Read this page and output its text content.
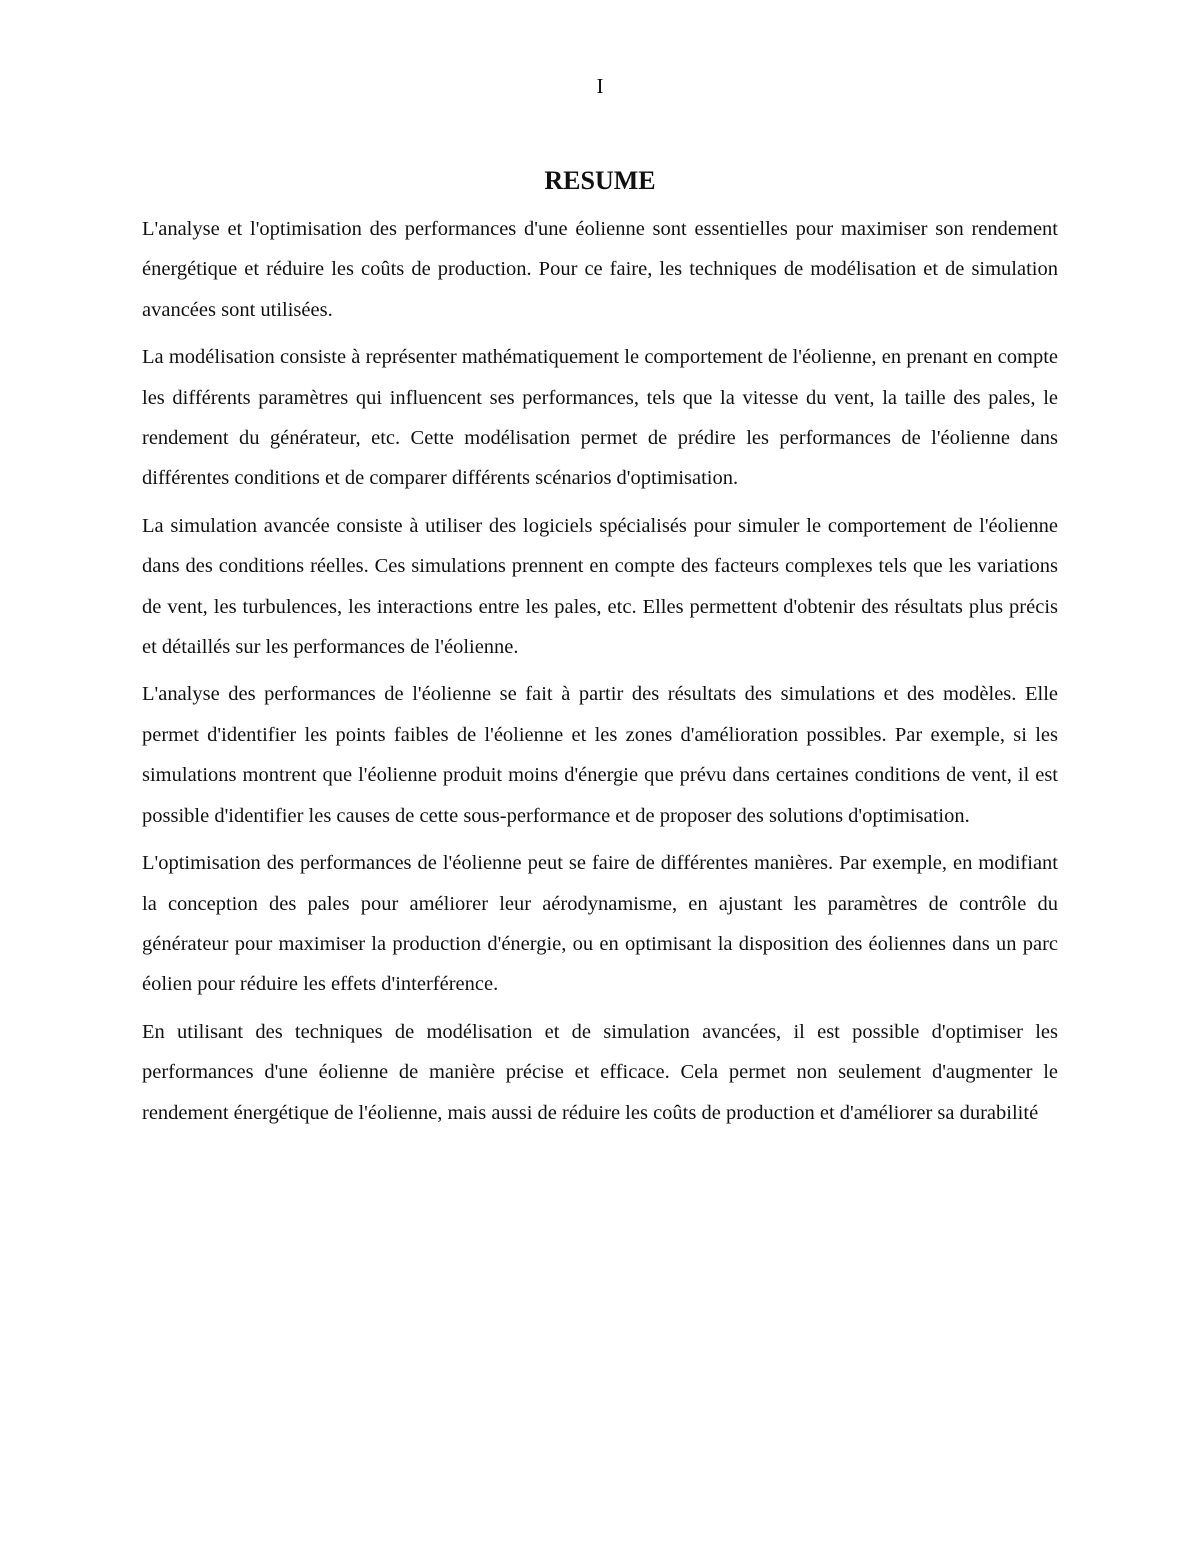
I
RESUME

L'analyse et l'optimisation des performances d'une éolienne sont essentielles pour maximiser son rendement énergétique et réduire les coûts de production. Pour ce faire, les techniques de modélisation et de simulation avancées sont utilisées.

La modélisation consiste à représenter mathématiquement le comportement de l'éolienne, en prenant en compte les différents paramètres qui influencent ses performances, tels que la vitesse du vent, la taille des pales, le rendement du générateur, etc. Cette modélisation permet de prédire les performances de l'éolienne dans différentes conditions et de comparer différents scénarios d'optimisation.

La simulation avancée consiste à utiliser des logiciels spécialisés pour simuler le comportement de l'éolienne dans des conditions réelles. Ces simulations prennent en compte des facteurs complexes tels que les variations de vent, les turbulences, les interactions entre les pales, etc. Elles permettent d'obtenir des résultats plus précis et détaillés sur les performances de l'éolienne.

L'analyse des performances de l'éolienne se fait à partir des résultats des simulations et des modèles. Elle permet d'identifier les points faibles de l'éolienne et les zones d'amélioration possibles. Par exemple, si les simulations montrent que l'éolienne produit moins d'énergie que prévu dans certaines conditions de vent, il est possible d'identifier les causes de cette sous-performance et de proposer des solutions d'optimisation.

L'optimisation des performances de l'éolienne peut se faire de différentes manières. Par exemple, en modifiant la conception des pales pour améliorer leur aérodynamisme, en ajustant les paramètres de contrôle du générateur pour maximiser la production d'énergie, ou en optimisant la disposition des éoliennes dans un parc éolien pour réduire les effets d'interférence.

En utilisant des techniques de modélisation et de simulation avancées, il est possible d'optimiser les performances d'une éolienne de manière précise et efficace. Cela permet non seulement d'augmenter le rendement énergétique de l'éolienne, mais aussi de réduire les coûts de production et d'améliorer sa durabilité
